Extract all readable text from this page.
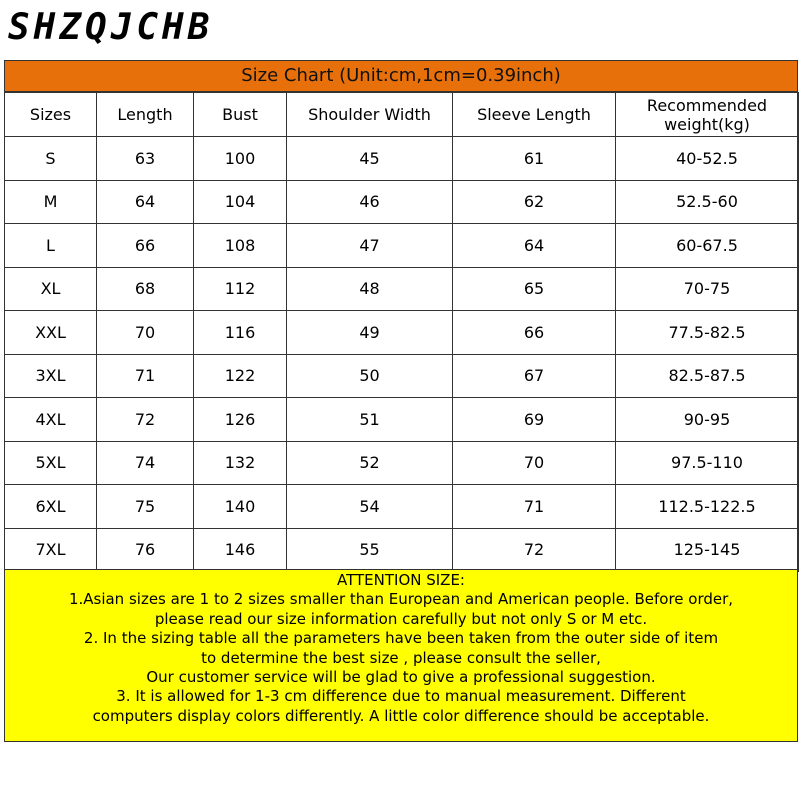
Size Chart (Unit:cm,1cm=0.39inch)
SHZQJCHB
Sizes	Length	Bust	Shoulder Width	Sleeve Length	Recommended weight(kg)
S	63	100	45	61	40-52.5
M	64	104	46	62	52.5-60
L	66	108	47	64	60-67.5
XL	68	112	48	65	70-75
XXL	70	116	49	66	77.5-82.5
3XL	71	122	50	67	82.5-87.5
4XL	72	126	51	69	90-95
5XL	74	132	52	70	97.5-110
6XL	75	140	54	71	112.5-122.5
7XL	76	146	55	72	125-145
ATTENTION SIZE:
1.Asian sizes are 1 to 2 sizes smaller than European and American people. Before order,
please read our size information carefully but not only S or M etc.
2. In the sizing table all the parameters have been taken from the outer side of item
to determine the best size , please consult the seller,
Our customer service will be glad to give a professional suggestion.
3. It is allowed for 1-3 cm difference due to manual measurement. Different
computers display colors differently. A little color difference should be acceptable.
